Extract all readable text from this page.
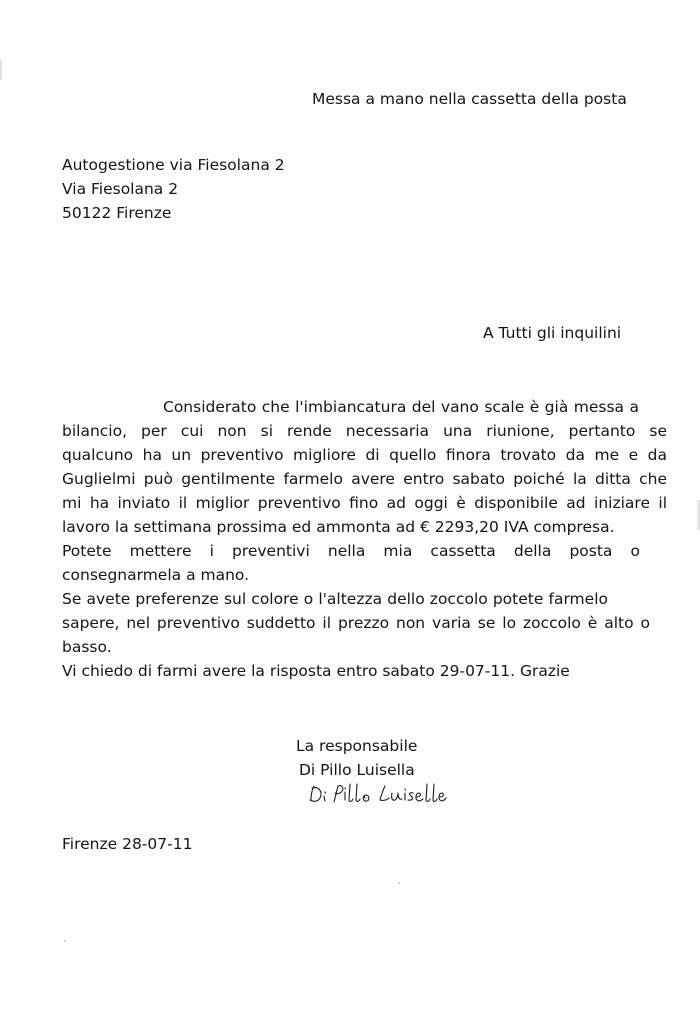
Messa a mano nella cassetta della posta
Autogestione via Fiesolana 2
Via Fiesolana 2
50122 Firenze
A Tutti gli inquilini
Considerato che l'imbiancatura del vano scale è già messa a
bilancio, per cui non si rende necessaria una riunione, pertanto se
qualcuno ha un preventivo migliore di quello finora trovato da me e da
Guglielmi può gentilmente farmelo avere entro sabato poiché la ditta che
mi ha inviato il miglior preventivo fino ad oggi è disponibile ad iniziare il
lavoro la settimana prossima ed ammonta ad € 2293,20 IVA compresa.
Potete mettere i preventivi nella mia cassetta della posta o
consegnarmela a mano.
Se avete preferenze sul colore o l'altezza dello zoccolo potete farmelo
sapere, nel preventivo suddetto il prezzo non varia se lo zoccolo è alto o
basso.
Vi chiedo di farmi avere la risposta entro sabato 29-07-11. Grazie
La responsabile
Di Pillo Luisella
Firenze 28-07-11
